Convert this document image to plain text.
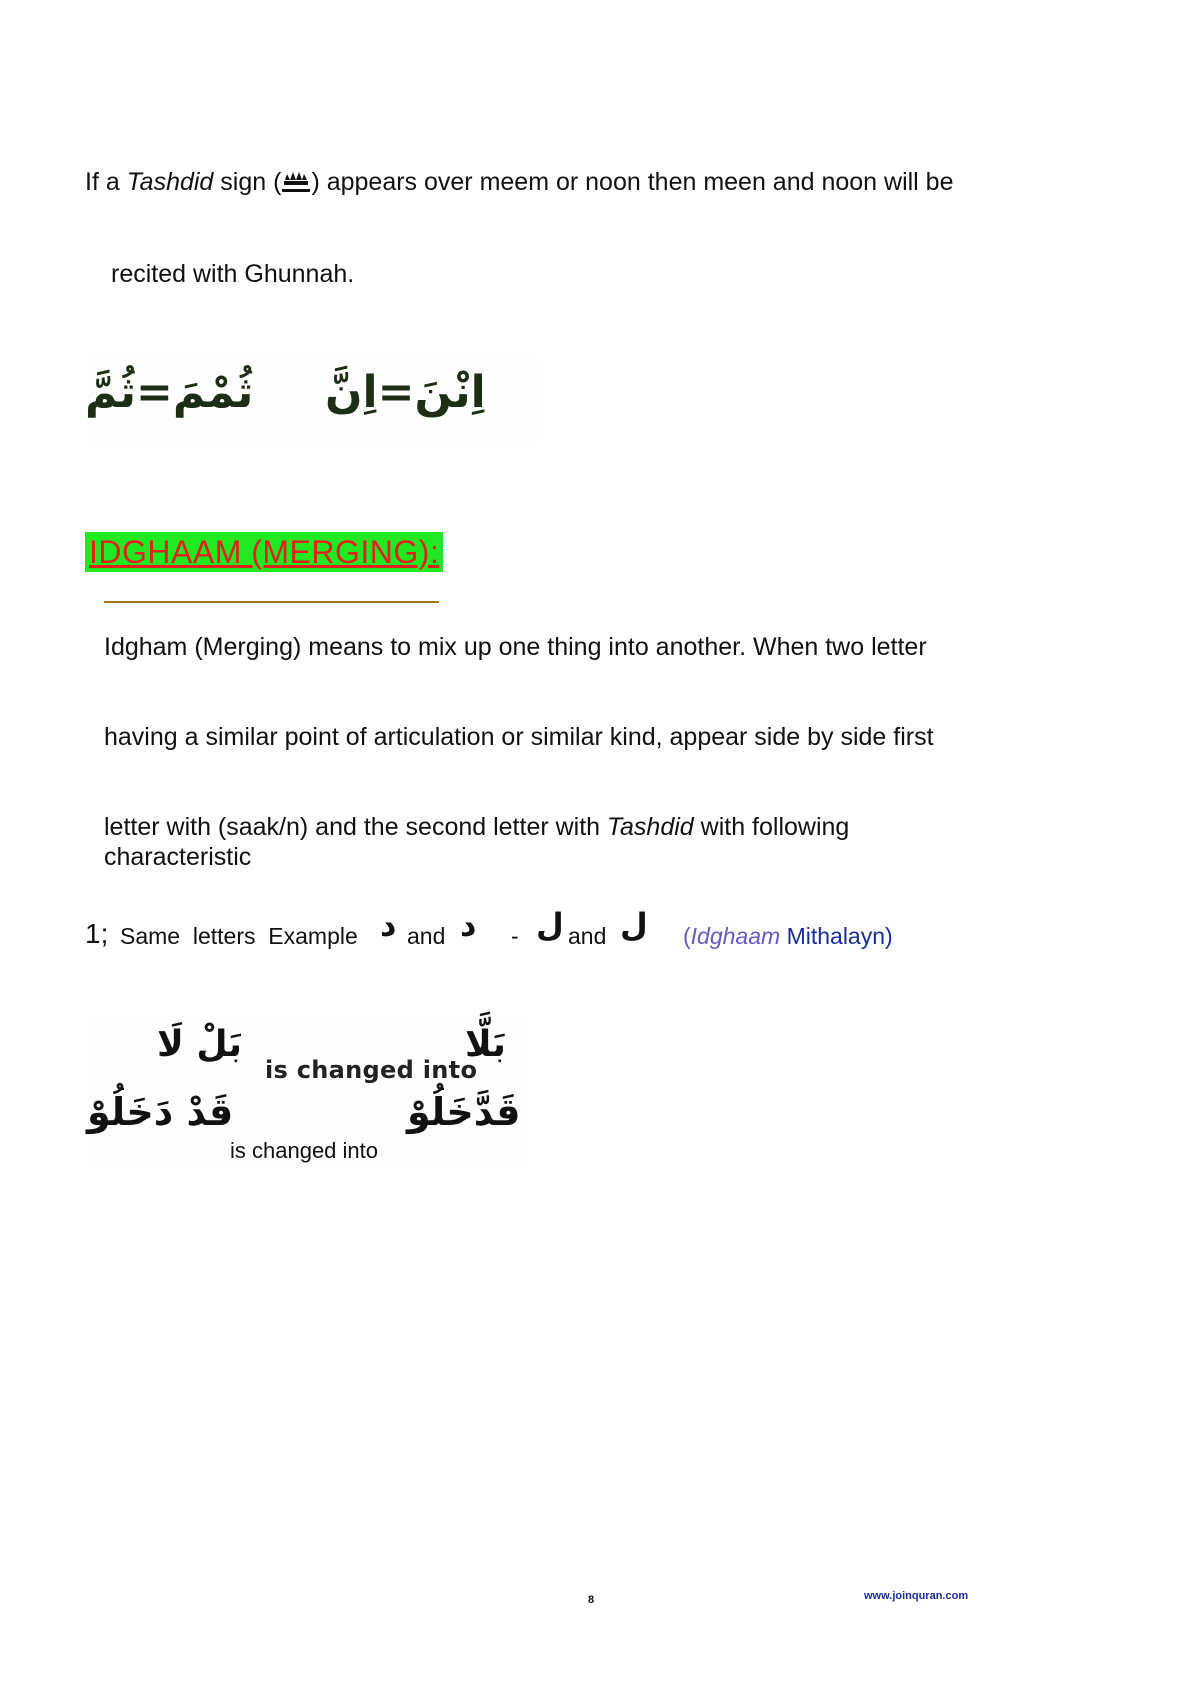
If a Tashdid sign ( ) appears over meem or noon then meen and noon will be
recited with Ghunnah.
ثُمْمَ=ثُمَّ اِنْنَ=اِنَّ
IDGHAAM (MERGING):
Idgham (Merging) means to mix up one thing into another. When two letter
having a similar point of articulation or similar kind, appear side by side first
letter with (saak/n) and the second letter with Tashdid with following
characteristic
1; Same  letters  Example د and د - ل and ل (Idghaam Mithalayn)
بَلْ لَا
is changed into
بَلَّا
قَدْ دَخَلُوْ
is changed into
قَدَّخَلُوْ
8	www.joinquran.com
